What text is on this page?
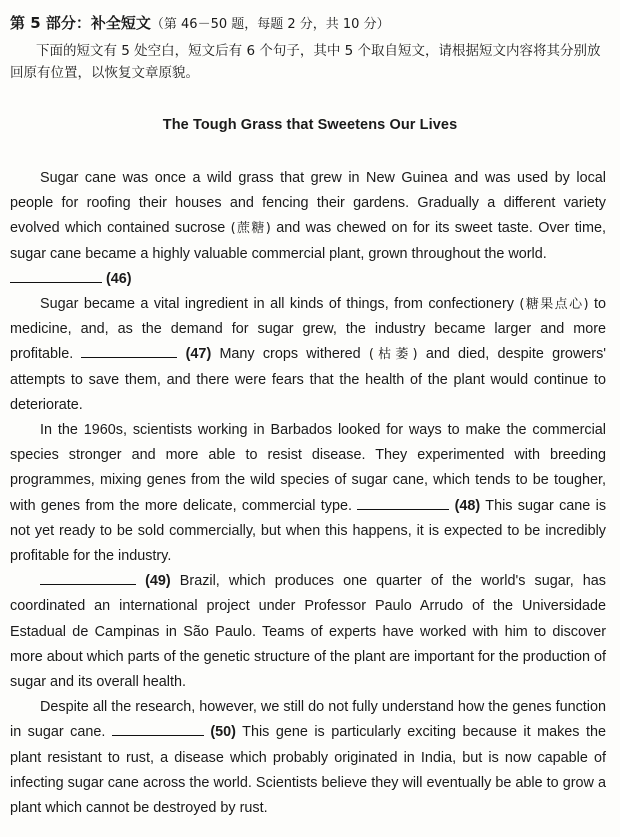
第 5 部分：补全短文（第 46－50 题，每题 2 分，共 10 分）
下面的短文有 5 处空白，短文后有 6 个句子，其中 5 个取自短文，请根据短文内容将其分别放回原有位置，以恢复文章原貌。
The Tough Grass that Sweetens Our Lives

Sugar cane was once a wild grass that grew in New Guinea and was used by local people for roofing their houses and fencing their gardens. Gradually a different variety evolved which contained sucrose (蔗糖) and was chewed on for its sweet taste. Over time, sugar cane became a highly valuable commercial plant, grown throughout the world.

(46)

Sugar became a vital ingredient in all kinds of things, from confectionery (糖果点心) to medicine, and, as the demand for sugar grew, the industry became larger and more profitable.	(47) Many crops withered (枯萎) and died, despite growers' attempts to save them, and there were fears that the health of the plant would continue to deteriorate.

In the 1960s, scientists working in Barbados looked for ways to make the commercial species stronger and more able to resist disease. They experimented with breeding programmes, mixing genes from the wild species of sugar cane, which tends to be tougher, with genes from the more delicate, commercial type.	(48) This sugar cane is not yet ready to be sold commercially, but when this happens, it is expected to be incredibly profitable for the industry.

(49) Brazil, which produces one quarter of the world's sugar, has coordinated an international project under Professor Paulo Arrudo of the Universidade Estadual de Campinas in São Paulo. Teams of experts have worked with him to discover more about which parts of the genetic structure of the plant are important for the production of sugar and its overall health.

Despite all the research, however, we still do not fully understand how the genes function in sugar cane.	(50) This gene is particularly exciting because it makes the plant resistant to rust, a disease which probably originated in India, but is now capable of infecting sugar cane across the world. Scientists believe they will eventually be able to grow a plant which cannot be destroyed by rust.
